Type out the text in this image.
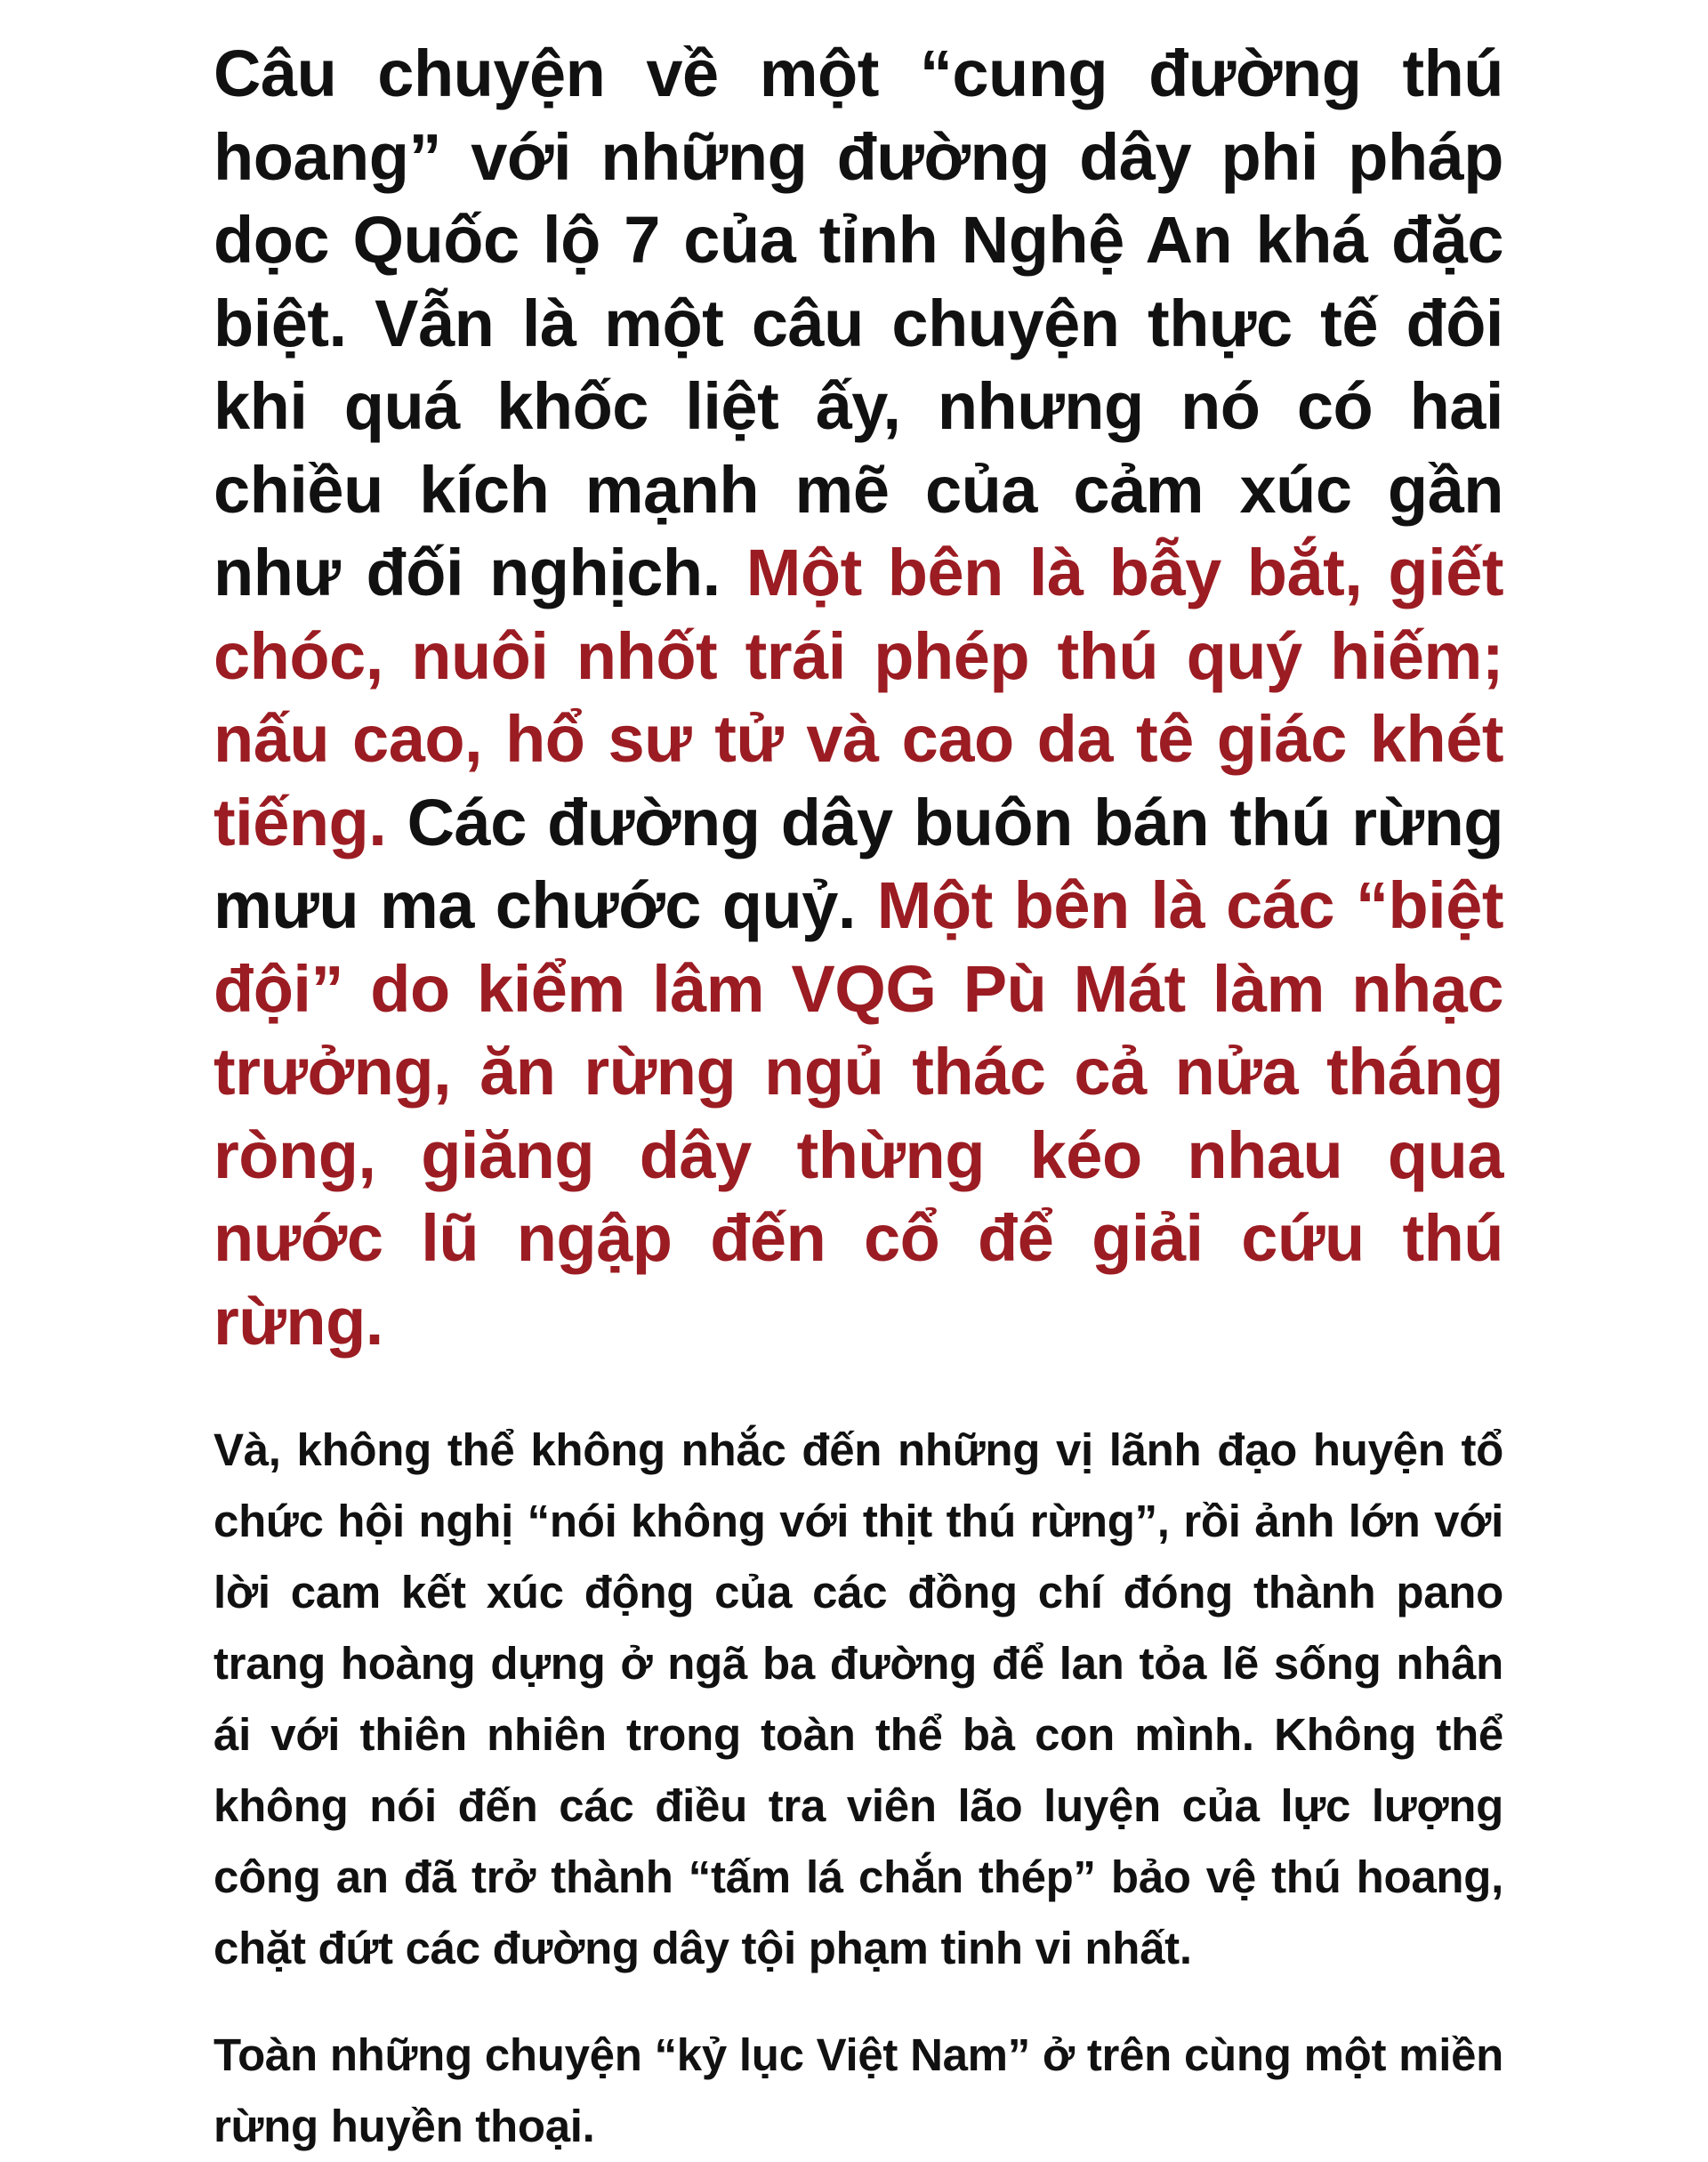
Câu chuyện về một “cung đường thú hoang” với những đường dây phi pháp dọc Quốc lộ 7 của tỉnh Nghệ An khá đặc biệt. Vẫn là một câu chuyện thực tế đôi khi quá khốc liệt ấy, nhưng nó có hai chiều kích mạnh mẽ của cảm xúc gần như đối nghịch. Một bên là bẫy bắt, giết chóc, nuôi nhốt trái phép thú quý hiếm; nấu cao, hổ sư tử và cao da tê giác khét tiếng. Các đường dây buôn bán thú rừng mưu ma chước quỷ. Một bên là các “biệt đội” do kiểm lâm VQG Pù Mát làm nhạc trưởng, ăn rừng ngủ thác cả nửa tháng ròng, giăng dây thừng kéo nhau qua nước lũ ngập đến cổ để giải cứu thú rừng.

Và, không thể không nhắc đến những vị lãnh đạo huyện tổ chức hội nghị “nói không với thịt thú rừng”, rồi ảnh lớn với lời cam kết xúc động của các đồng chí đóng thành pano trang hoàng dựng ở ngã ba đường để lan tỏa lẽ sống nhân ái với thiên nhiên trong toàn thể bà con mình. Không thể không nói đến các điều tra viên lão luyện của lực lượng công an đã trở thành “tấm lá chắn thép” bảo vệ thú hoang, chặt đứt các đường dây tội phạm tinh vi nhất.

Toàn những chuyện “kỷ lục Việt Nam” ở trên cùng một miền rừng huyền thoại.
